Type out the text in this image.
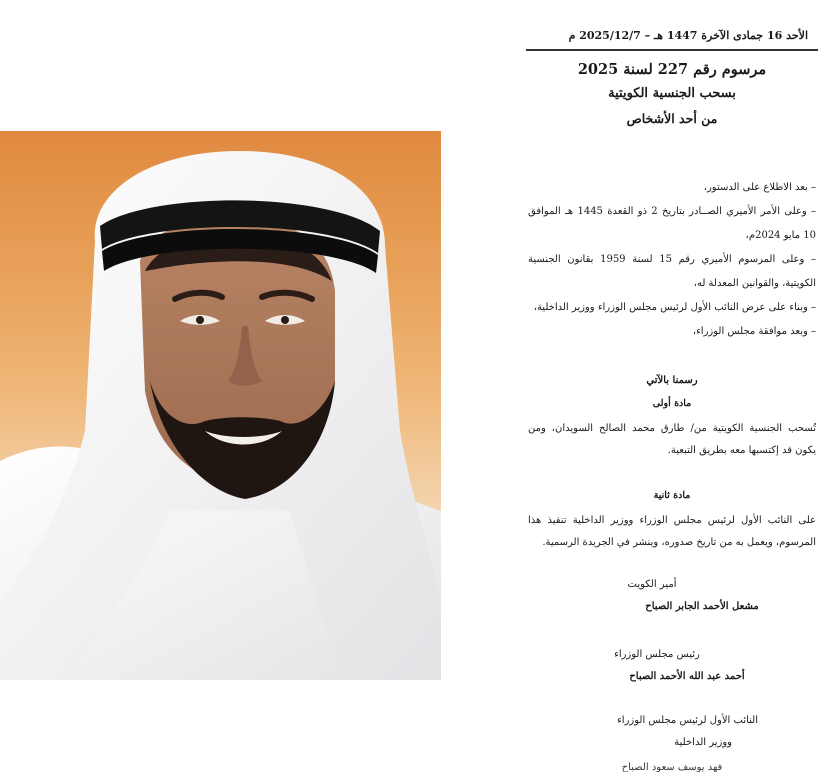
الأحد 16 جمادى الآخرة 1447 هـ – 2025/12/7 م

مرسوم رقم 227 لسنة 2025

بسحب الجنسية الكويتية

من أحد الأشخاص

– بعد الاطلاع على الدستور،
– وعلى الأمر الأميري الصــادر بتاريخ 2 ذو القعدة 1445 هـ الموافق 10 مايو 2024م،
– وعلى المرسوم الأميري رقم 15 لسنة 1959 بقانون الجنسية الكويتية، والقوانين المعدلة له،
– وبناء على عرض النائب الأول لرئيس مجلس الوزراء ووزير الداخلية،
– وبعد موافقة مجلس الوزراء،
رسمنا بالآتي
مادة أولى

تُسحب الجنسية الكويتية من/ طارق محمد الصالح السويدان، ومن يكون قد إكتسبها معه بطريق التبعية.

مادة ثانية

على النائب الأول لرئيس مجلس الوزراء ووزير الداخلية تنفيذ هذا المرسوم، ويعمل به من تاريخ صدوره، وينشر في الجريدة الرسمية.

أمير الكويت
مشعل الأحمد الجابر الصباح
رئيس مجلس الوزراء
أحمد عبد الله الأحمد الصباح
النائب الأول لرئيس مجلس الوزراء
ووزير الداخلية
فهد يوسف سعود الصباح
